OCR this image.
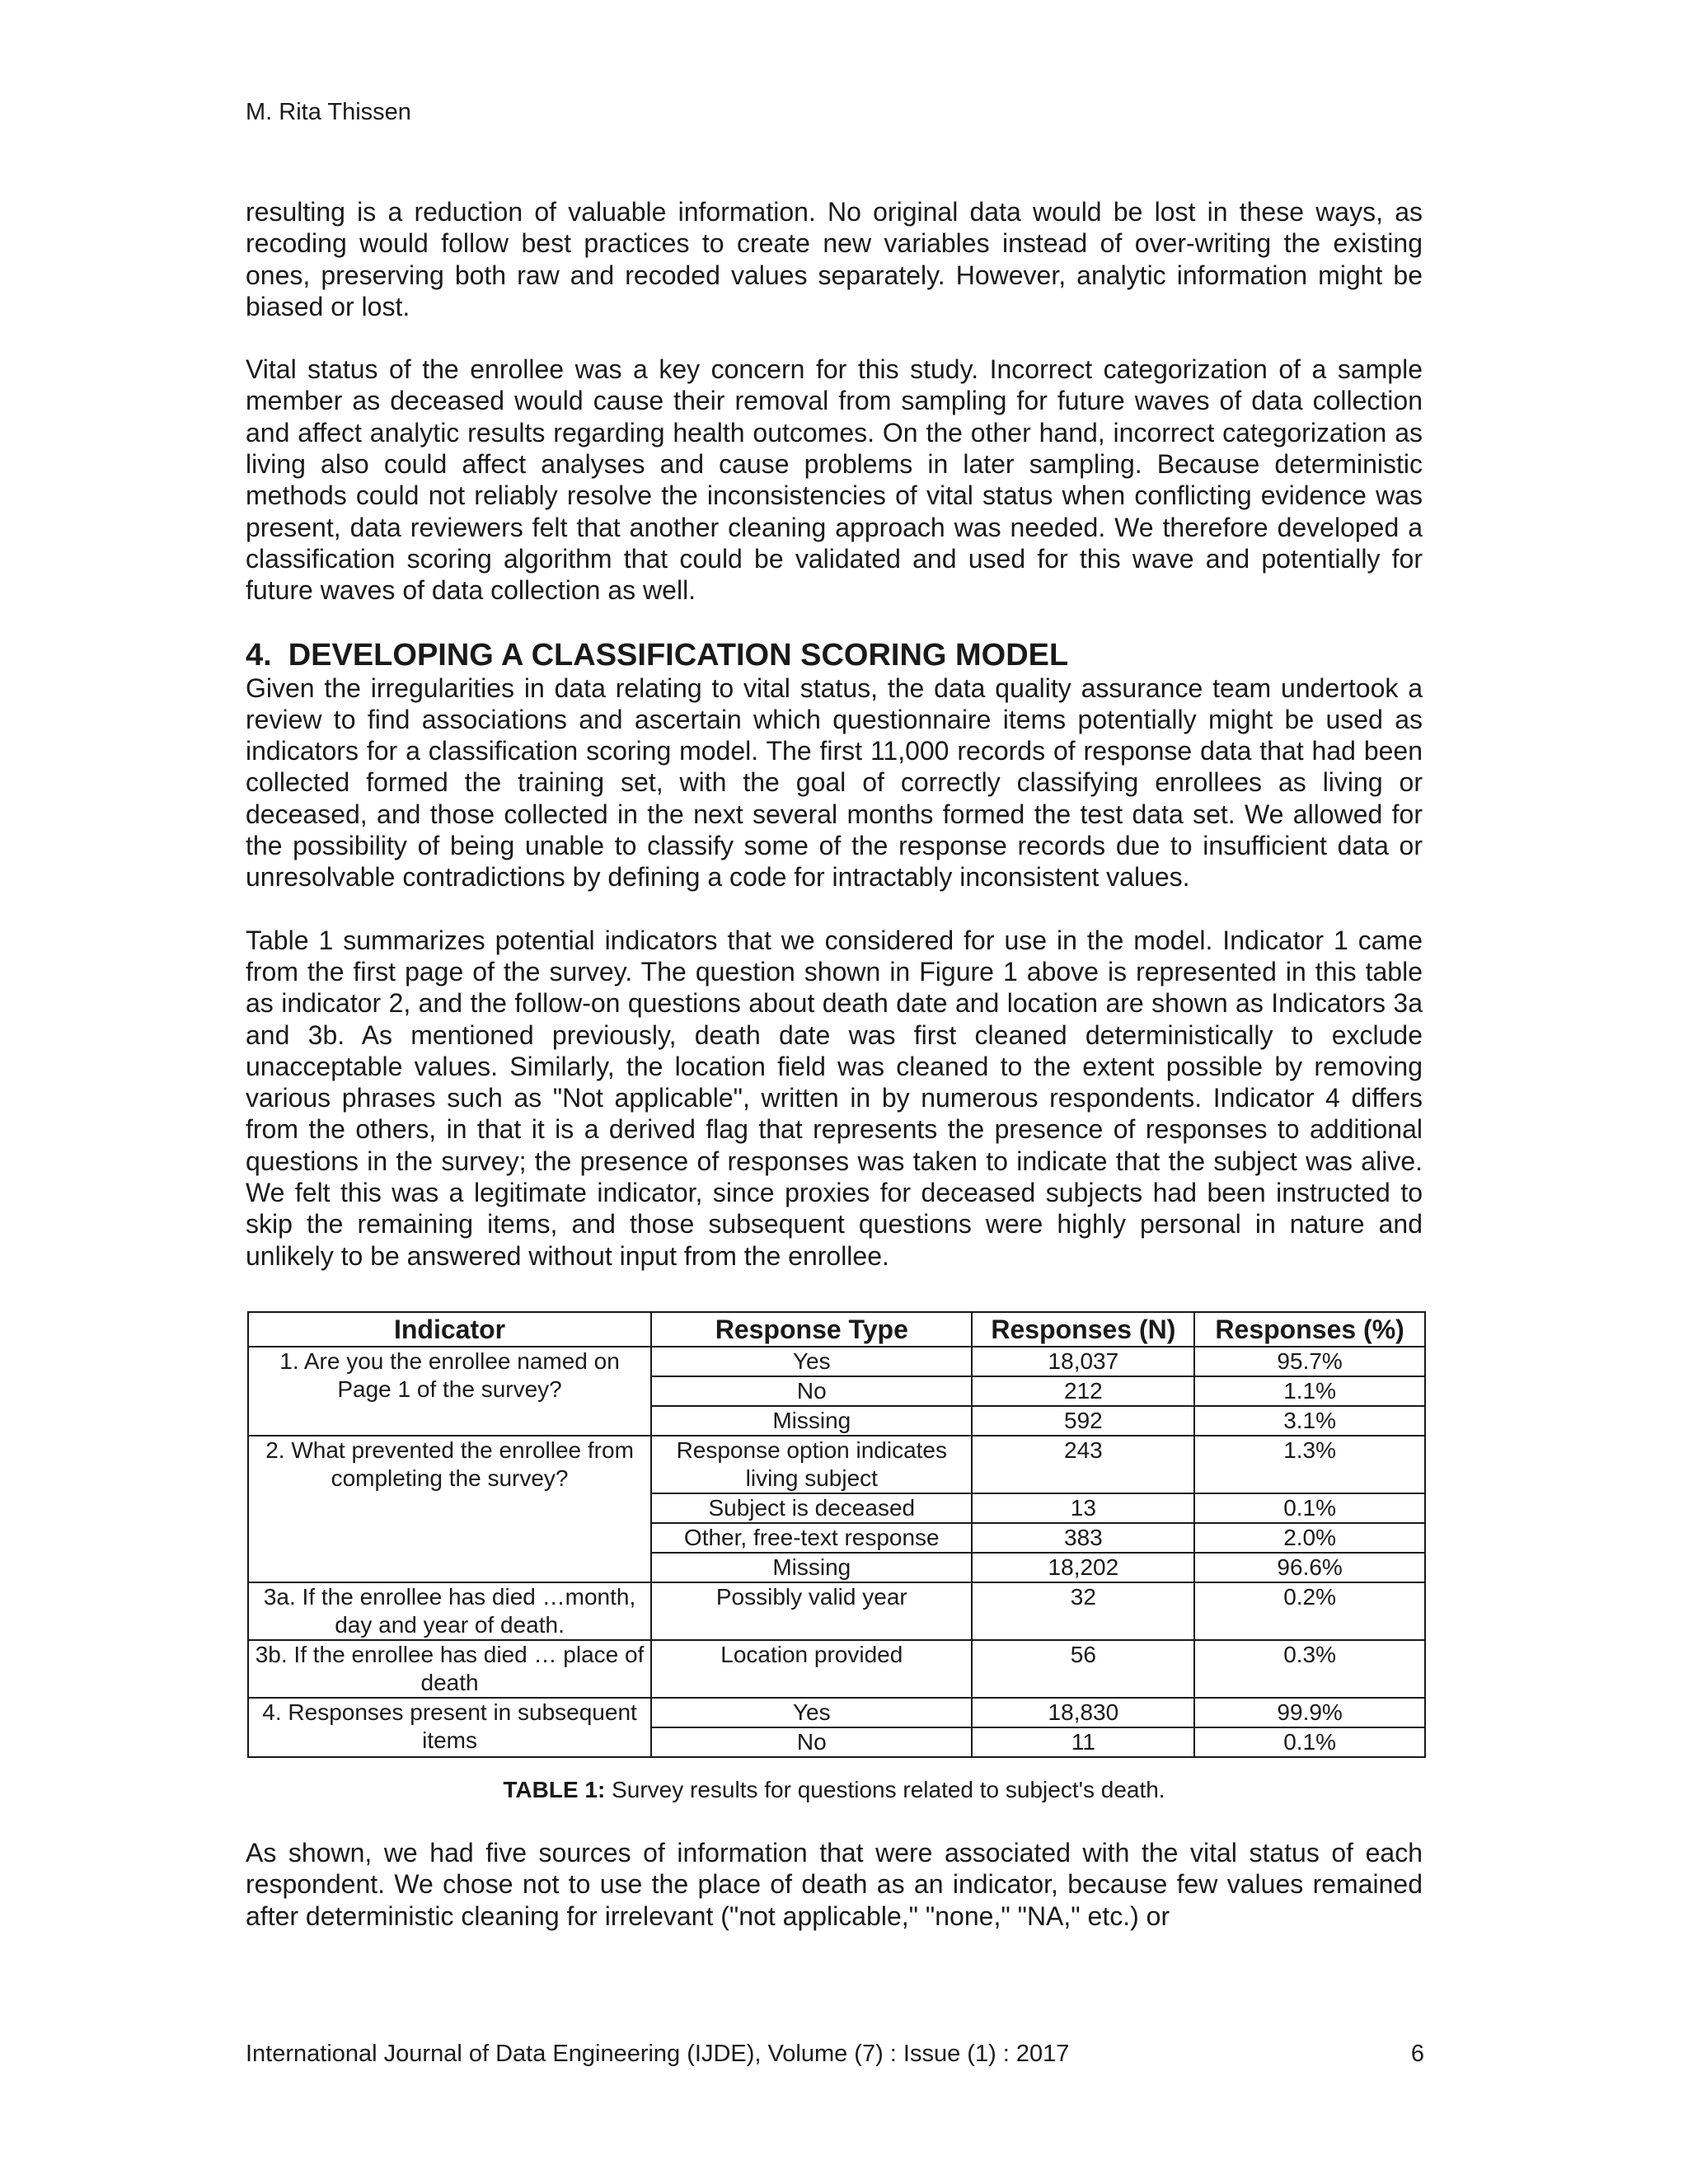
M. Rita Thissen

resulting is a reduction of valuable information. No original data would be lost in these ways, as recoding would follow best practices to create new variables instead of over-writing the existing ones, preserving both raw and recoded values separately. However, analytic information might be biased or lost.

Vital status of the enrollee was a key concern for this study. Incorrect categorization of a sample member as deceased would cause their removal from sampling for future waves of data collection and affect analytic results regarding health outcomes. On the other hand, incorrect categorization as living also could affect analyses and cause problems in later sampling. Because deterministic methods could not reliably resolve the inconsistencies of vital status when conflicting evidence was present, data reviewers felt that another cleaning approach was needed. We therefore developed a classification scoring algorithm that could be validated and used for this wave and potentially for future waves of data collection as well.

4. DEVELOPING A CLASSIFICATION SCORING MODEL

Given the irregularities in data relating to vital status, the data quality assurance team undertook a review to find associations and ascertain which questionnaire items potentially might be used as indicators for a classification scoring model. The first 11,000 records of response data that had been collected formed the training set, with the goal of correctly classifying enrollees as living or deceased, and those collected in the next several months formed the test data set. We allowed for the possibility of being unable to classify some of the response records due to insufficient data or unresolvable contradictions by defining a code for intractably inconsistent values.

Table 1 summarizes potential indicators that we considered for use in the model. Indicator 1 came from the first page of the survey. The question shown in Figure 1 above is represented in this table as indicator 2, and the follow-on questions about death date and location are shown as Indicators 3a and 3b. As mentioned previously, death date was first cleaned deterministically to exclude unacceptable values. Similarly, the location field was cleaned to the extent possible by removing various phrases such as "Not applicable", written in by numerous respondents. Indicator 4 differs from the others, in that it is a derived flag that represents the presence of responses to additional questions in the survey; the presence of responses was taken to indicate that the subject was alive. We felt this was a legitimate indicator, since proxies for deceased subjects had been instructed to skip the remaining items, and those subsequent questions were highly personal in nature and unlikely to be answered without input from the enrollee.

Indicator	Response Type	Responses (N)	Responses (%)
1. Are you the enrollee named on Page 1 of the survey?	Yes	18,037	95.7%
	No	212	1.1%
	Missing	592	3.1%
2. What prevented the enrollee from completing the survey?	Response option indicates living subject	243	1.3%
	Subject is deceased	13	0.1%
	Other, free-text response	383	2.0%
	Missing	18,202	96.6%
3a. If the enrollee has died …month, day and year of death.	Possibly valid year	32	0.2%
3b. If the enrollee has died … place of death	Location provided	56	0.3%
4. Responses present in subsequent items	Yes	18,830	99.9%
	No	11	0.1%
TABLE 1: Survey results for questions related to subject's death.

As shown, we had five sources of information that were associated with the vital status of each respondent. We chose not to use the place of death as an indicator, because few values remained after deterministic cleaning for irrelevant ("not applicable," "none," "NA," etc.) or

International Journal of Data Engineering (IJDE), Volume (7) : Issue (1) : 2017	6
